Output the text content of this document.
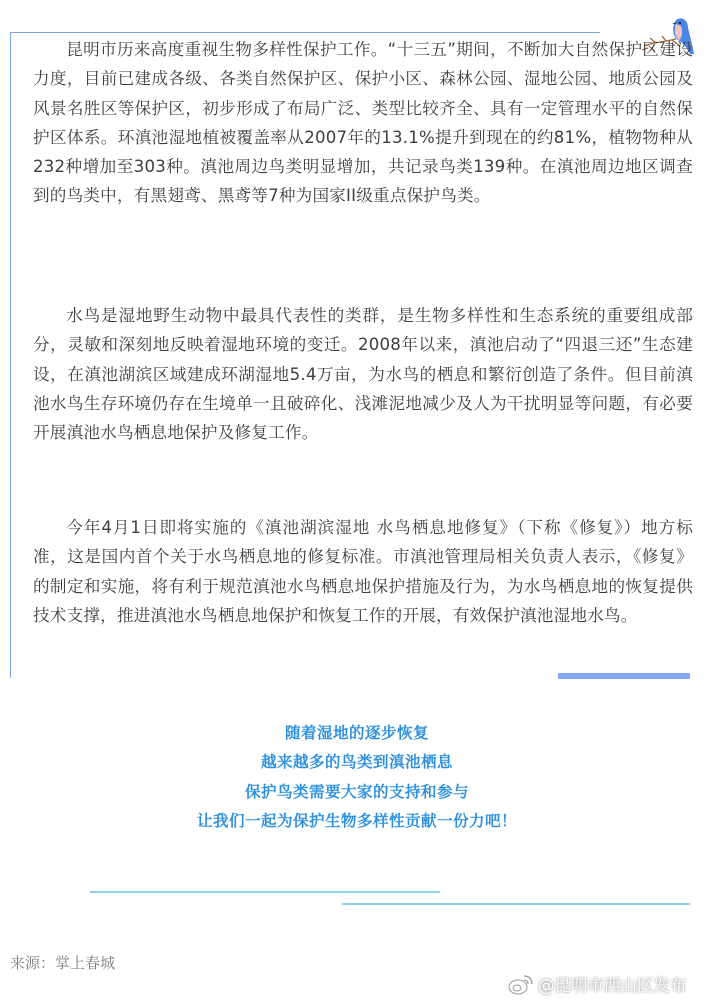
昆明市历来高度重视生物多样性保护工作。“十三五”期间，不断加大自然保护区建设力度，目前已建成各级、各类自然保护区、保护小区、森林公园、湿地公园、地质公园及风景名胜区等保护区，初步形成了布局广泛、类型比较齐全、具有一定管理水平的自然保护区体系。环滇池湿地植被覆盖率从2007年的13.1%提升到现在的约81%，植物物种从232种增加至303种。滇池周边鸟类明显增加，共记录鸟类139种。在滇池周边地区调查到的鸟类中，有黑翅鸢、黑鸢等7种为国家II级重点保护鸟类。

水鸟是湿地野生动物中最具代表性的类群，是生物多样性和生态系统的重要组成部分，灵敏和深刻地反映着湿地环境的变迁。2008年以来，滇池启动了“四退三还”生态建设，在滇池湖滨区域建成环湖湿地5.4万亩，为水鸟的栖息和繁衍创造了条件。但目前滇池水鸟生存环境仍存在生境单一且破碎化、浅滩泥地减少及人为干扰明显等问题，有必要开展滇池水鸟栖息地保护及修复工作。

今年4月1日即将实施的《滇池湖滨湿地 水鸟栖息地修复》（下称《修复》）地方标准，这是国内首个关于水鸟栖息地的修复标准。市滇池管理局相关负责人表示，《修复》的制定和实施，将有利于规范滇池水鸟栖息地保护措施及行为，为水鸟栖息地的恢复提供技术支撑，推进滇池水鸟栖息地保护和恢复工作的开展，有效保护滇池湿地水鸟。

随着湿地的逐步恢复
越来越多的鸟类到滇池栖息
保护鸟类需要大家的支持和参与
让我们一起为保护生物多样性贡献一份力吧！
来源：掌上春城
@昆明市西山区发布
